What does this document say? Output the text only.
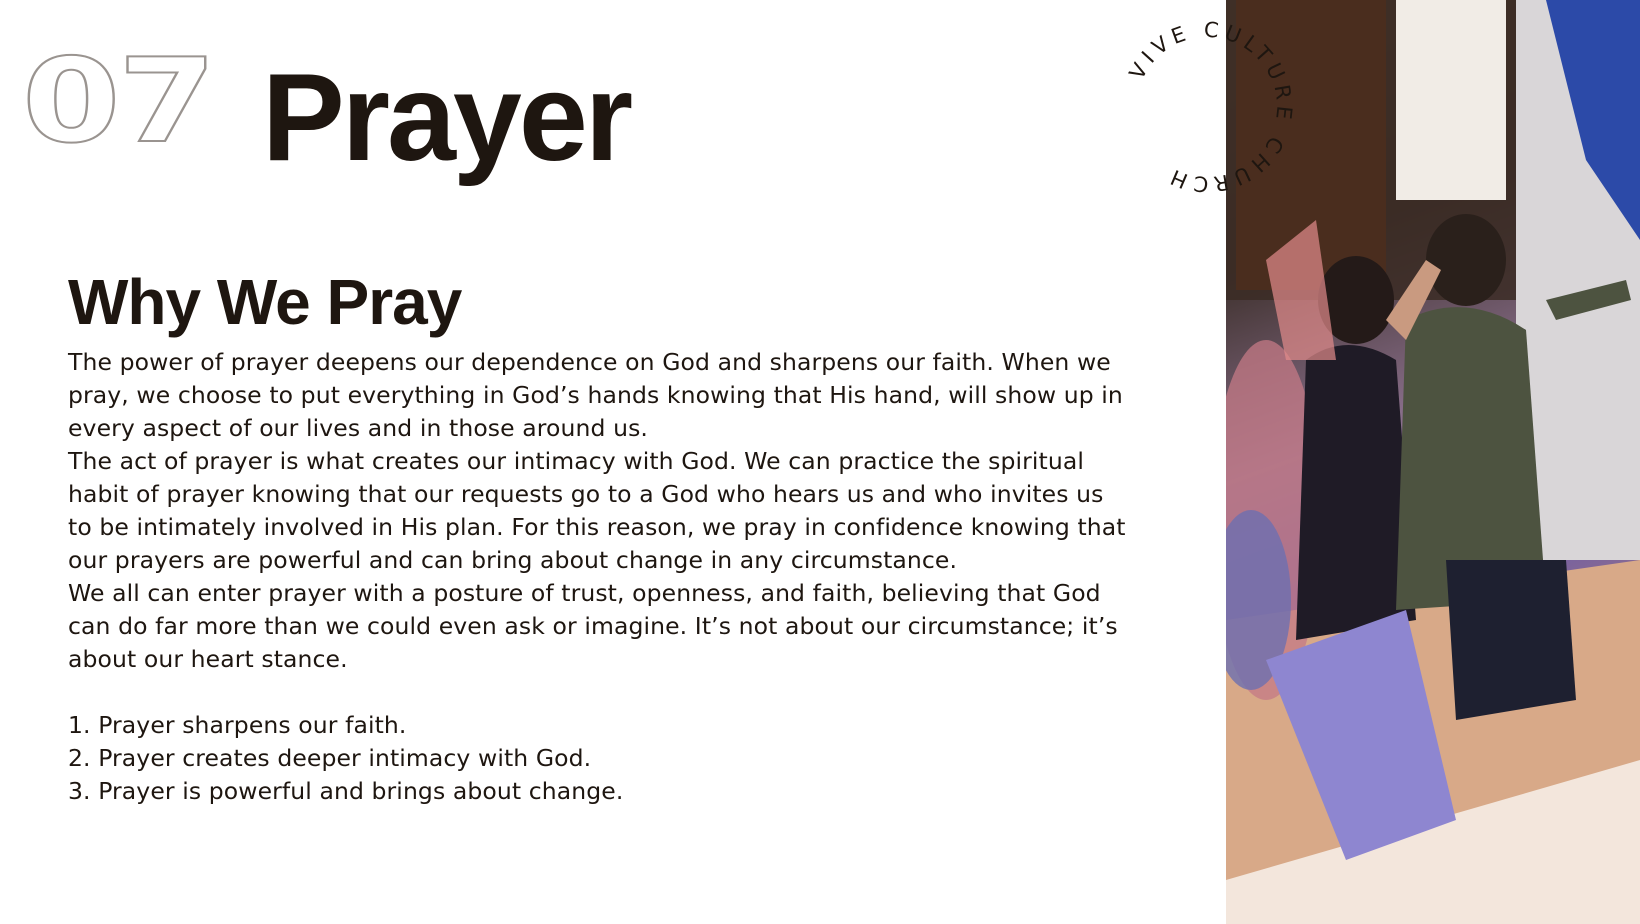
07 Prayer
Why We Pray

The power of prayer deepens our dependence on God and sharpens our faith. When we pray, we choose to put everything in God’s hands knowing that His hand, will show up in every aspect of our lives and in those around us.

The act of prayer is what creates our intimacy with God. We can practice the spiritual habit of prayer knowing that our requests go to a God who hears us and who invites us to be intimately involved in His plan. For this reason, we pray in confidence knowing that our prayers are powerful and can bring about change in any circumstance.

We all can enter prayer with a posture of trust, openness, and faith, believing that God can do far more than we could even ask or imagine. It’s not about our circumstance; it’s about our heart stance.

1. Prayer sharpens our faith.

2. Prayer creates deeper intimacy with God.

3. Prayer is powerful and brings about change.

VIVE CULTURE CHURCH
